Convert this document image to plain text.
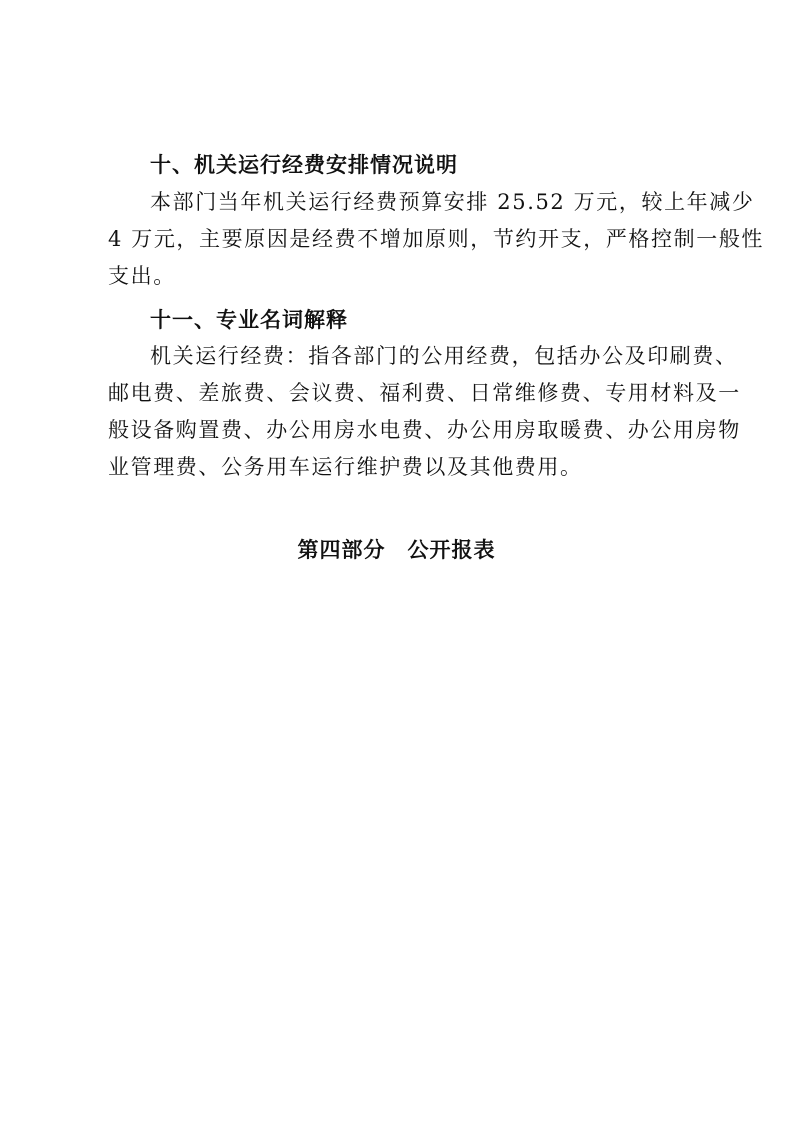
十、机关运行经费安排情况说明
本部门当年机关运行经费预算安排 25.52 万元，较上年减少
4 万元，主要原因是经费不增加原则，节约开支，严格控制一般性
支出。
十一、专业名词解释
机关运行经费：指各部门的公用经费，包括办公及印刷费、
邮电费、差旅费、会议费、福利费、日常维修费、专用材料及一
般设备购置费、办公用房水电费、办公用房取暖费、办公用房物
业管理费、公务用车运行维护费以及其他费用。
第四部分　公开报表
